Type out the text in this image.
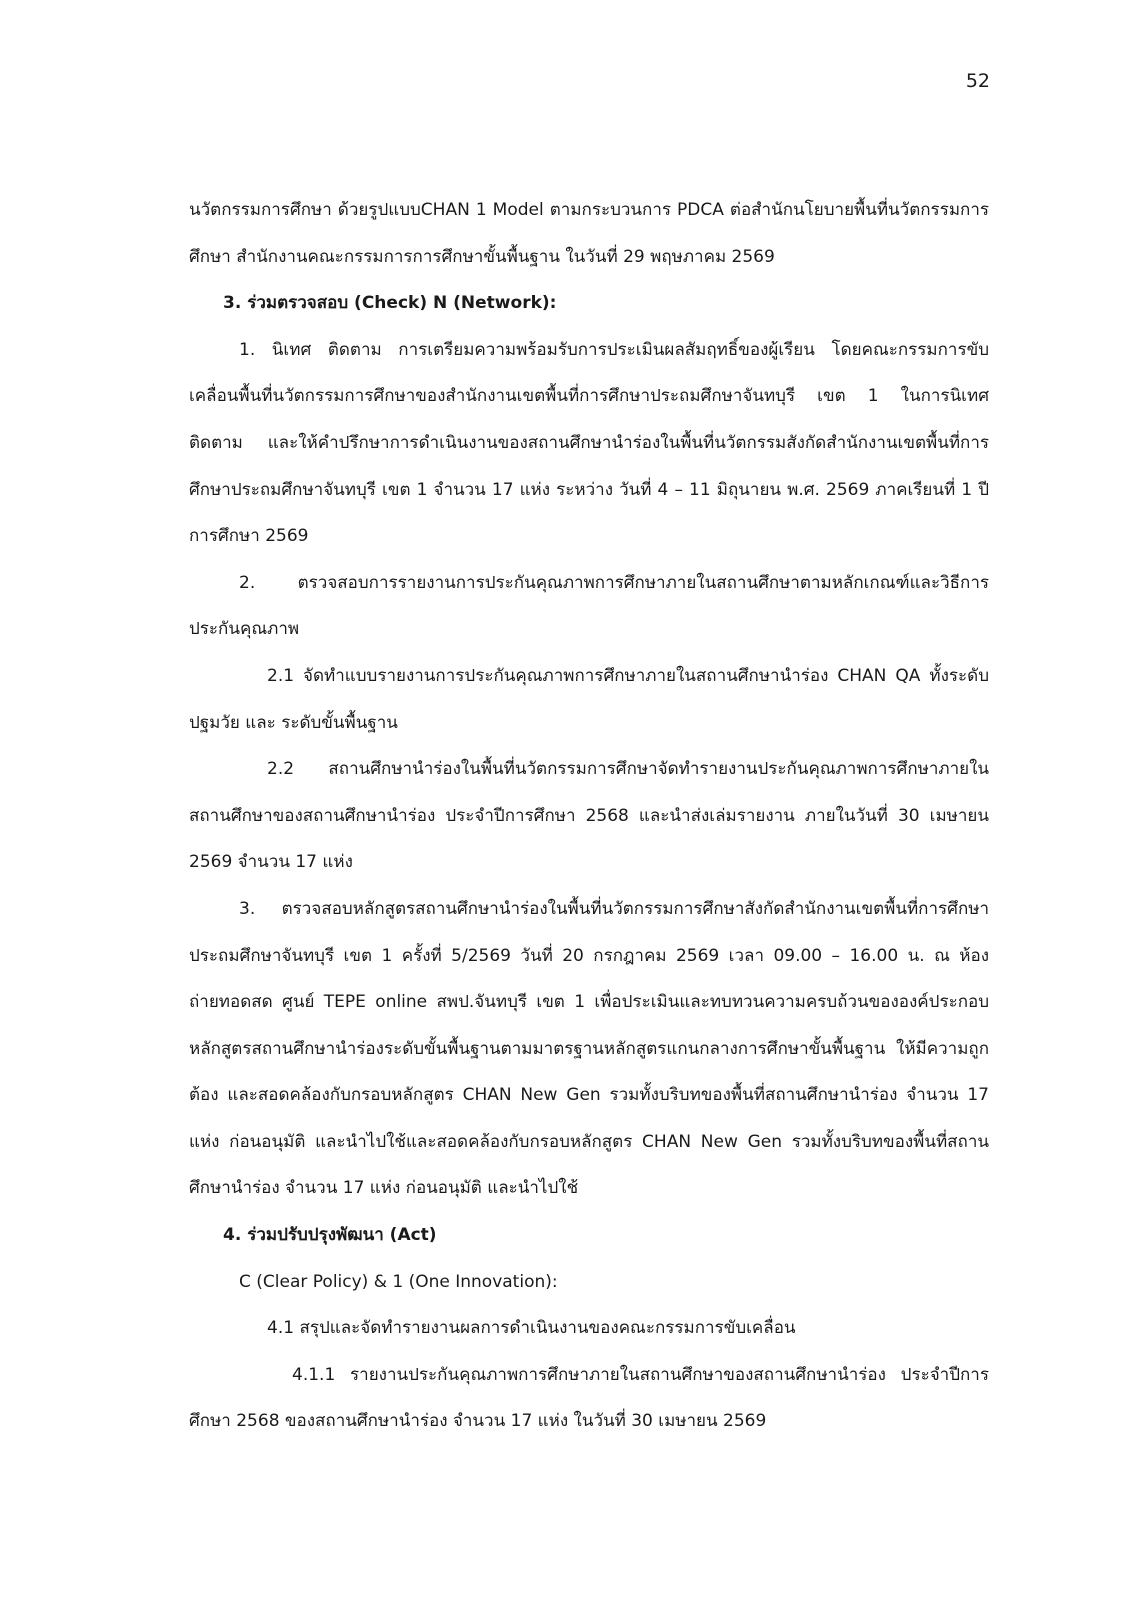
52

นวัตกรรมการศึกษา ด้วยรูปแบบCHAN 1 Model ตามกระบวนการ PDCA ต่อสำนักนโยบายพื้นที่นวัตกรรมการศึกษา สำนักงานคณะกรรมการการศึกษาขั้นพื้นฐาน ในวันที่ 29 พฤษภาคม 2569

3. ร่วมตรวจสอบ (Check) N (Network):

1. นิเทศ ติดตาม การเตรียมความพร้อมรับการประเมินผลสัมฤทธิ์ของผู้เรียน โดยคณะกรรมการขับเคลื่อนพื้นที่นวัตกรรมการศึกษาของสำนักงานเขตพื้นที่การศึกษาประถมศึกษาจันทบุรี เขต 1 ในการนิเทศ ติดตาม และให้คำปรึกษาการดำเนินงานของสถานศึกษานำร่องในพื้นที่นวัตกรรมสังกัดสำนักงานเขตพื้นที่การศึกษาประถมศึกษาจันทบุรี เขต 1 จำนวน 17 แห่ง ระหว่าง วันที่ 4 – 11 มิถุนายน พ.ศ. 2569 ภาคเรียนที่ 1 ปีการศึกษา 2569

2. ตรวจสอบการรายงานการประกันคุณภาพการศึกษาภายในสถานศึกษาตามหลักเกณฑ์และวิธีการประกันคุณภาพ

2.1 จัดทำแบบรายงานการประกันคุณภาพการศึกษาภายในสถานศึกษานำร่อง CHAN QA ทั้งระดับปฐมวัย และ ระดับขั้นพื้นฐาน

2.2 สถานศึกษานำร่องในพื้นที่นวัตกรรมการศึกษาจัดทำรายงานประกันคุณภาพการศึกษาภายในสถานศึกษาของสถานศึกษานำร่อง ประจำปีการศึกษา 2568 และนำส่งเล่มรายงาน ภายในวันที่ 30 เมษายน 2569 จำนวน 17 แห่ง

3. ตรวจสอบหลักสูตรสถานศึกษานำร่องในพื้นที่นวัตกรรมการศึกษาสังกัดสำนักงานเขตพื้นที่การศึกษาประถมศึกษาจันทบุรี เขต 1 ครั้งที่ 5/2569 วันที่ 20 กรกฎาคม 2569 เวลา 09.00 – 16.00 น. ณ ห้องถ่ายทอดสด ศูนย์ TEPE online สพป.จันทบุรี เขต 1 เพื่อประเมินและทบทวนความครบถ้วนขององค์ประกอบหลักสูตรสถานศึกษานำร่องระดับขั้นพื้นฐานตามมาตรฐานหลักสูตรแกนกลางการศึกษาขั้นพื้นฐาน ให้มีความถูกต้อง และสอดคล้องกับกรอบหลักสูตร CHAN New Gen รวมทั้งบริบทของพื้นที่สถานศึกษานำร่อง จำนวน 17 แห่ง ก่อนอนุมัติ และนำไปใช้และสอดคล้องกับกรอบหลักสูตร CHAN New Gen รวมทั้งบริบทของพื้นที่สถานศึกษานำร่อง จำนวน 17 แห่ง ก่อนอนุมัติ และนำไปใช้

4. ร่วมปรับปรุงพัฒนา (Act)

C (Clear Policy) & 1 (One Innovation):

4.1 สรุปและจัดทำรายงานผลการดำเนินงานของคณะกรรมการขับเคลื่อน

4.1.1 รายงานประกันคุณภาพการศึกษาภายในสถานศึกษาของสถานศึกษานำร่อง ประจำปีการศึกษา 2568 ของสถานศึกษานำร่อง จำนวน 17 แห่ง ในวันที่ 30 เมษายน 2569
